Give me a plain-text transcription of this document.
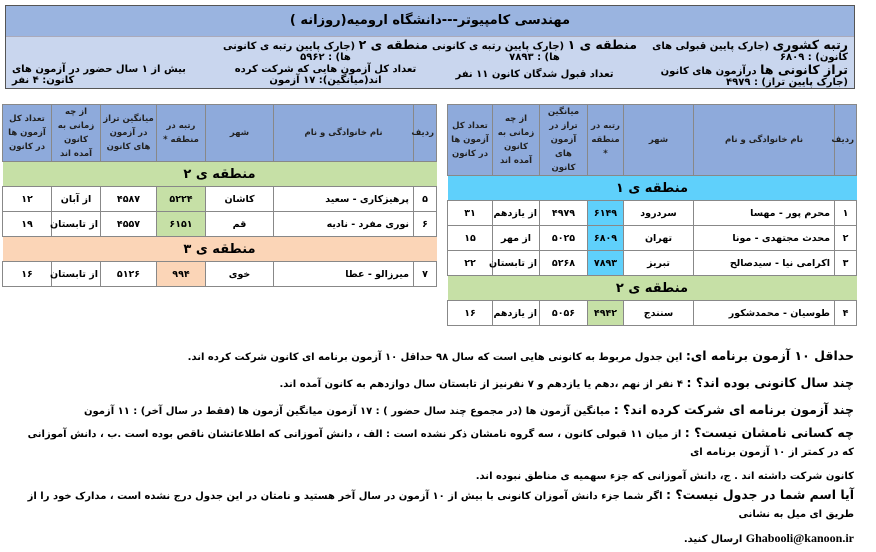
مهندسی کامپیوتر---دانشگاه ارومیه(روزانه )
رتبه کشوری (جارک پایین قبولی های کانون) : ۶۸۰۹
منطقه ی ۱ (جارک پایین رتبه ی کانونی ها) : ۷۸۹۳
منطقه ی ۲ (جارک پایین رتبه ی کانونی ها) : ۵۹۶۲
تراز کانونی ها درآزمون های کانون (جارک پایین تراز) : ۴۹۷۹
تعداد قبول شدگان کانون ۱۱ نفر
تعداد کل آزمون هایی که شرکت کرده اند(میانگین): ۱۷ آزمون
بیش از ۱ سال حضور در آزمون های کانون: ۴ نفر
ردیف	نام خانوادگی و نام	شهر	رتبه در منطقه *	میانگین تراز در آزمون های کانون	از چه زمانی به کانون آمده اند	تعداد کل آزمون ها در کانون
منطقه ی ۱						
۱	محرم پور - مهسا	سردرود	۶۱۴۹	۴۹۷۹	از یازدهم	۳۱
۲	محدث مجتهدی - مونا	تهران	۶۸۰۹	۵۰۲۵	از مهر	۱۵
۳	اکرامی نیا - سیدصالح	تبریز	۷۸۹۳	۵۲۶۸	از تابستان	۲۲
منطقه ی ۲						
۴	طوسیان - محمدشکور	سنندج	۴۹۴۲	۵۰۵۶	از یازدهم	۱۶
ردیف	نام خانوادگی و نام	شهر	رتبه در منطقه *	میانگین تراز در آزمون های کانون	از چه زمانی به کانون آمده اند	تعداد کل آزمون ها در کانون
منطقه ی ۲						
۵	پرهیزکاری - سعید	کاشان	۵۲۲۴	۴۵۸۷	از آبان	۱۲
۶	نوری مفرد - نادیه	قم	۶۱۵۱	۴۵۵۷	از تابستان	۱۹
منطقه ی ۳						
۷	میرزالو - عطا	خوی	۹۹۴	۵۱۲۶	از تابستان	۱۶

حداقل ۱۰ آزمون برنامه ای: این جدول مربوط به کانونی هایی است که سال ۹۸ حداقل ۱۰ آزمون برنامه ای کانون شرکت کرده اند.

چند سال کانونی بوده اند؟ : ۴ نفر از نهم ،دهم یا یازدهم و ۷ نفرنیز از تابستان سال دوازدهم به کانون آمده اند.

چند آزمون برنامه ای شرکت کرده اند؟ : میانگین آزمون ها (در مجموع چند سال حضور ) : ۱۷ آزمون میانگین آزمون ها (فقط در سال آخر) : ۱۱ آزمون

چه کسانی نامشان نیست؟ : از میان ۱۱ قبولی کانون ، سه گروه نامشان ذکر نشده است : الف ، دانش آموزانی که اطلاعاتشان ناقص بوده است .ب ، دانش آموزانی که در کمتر از ۱۰ آزمون برنامه ای

کانون شرکت داشته اند . ج، دانش آموزانی که جزء سهمیه ی مناطق نبوده اند.

آیا اسم شما در جدول نیست؟ : اگر شما جزء دانش آموزان کانونی با بیش از ۱۰ آزمون در سال آخر هستید و نامتان در این جدول درج نشده است ، مدارک خود را از طریق ای میل به نشانی

Ghabooli@kanoon.ir ارسال کنید.
